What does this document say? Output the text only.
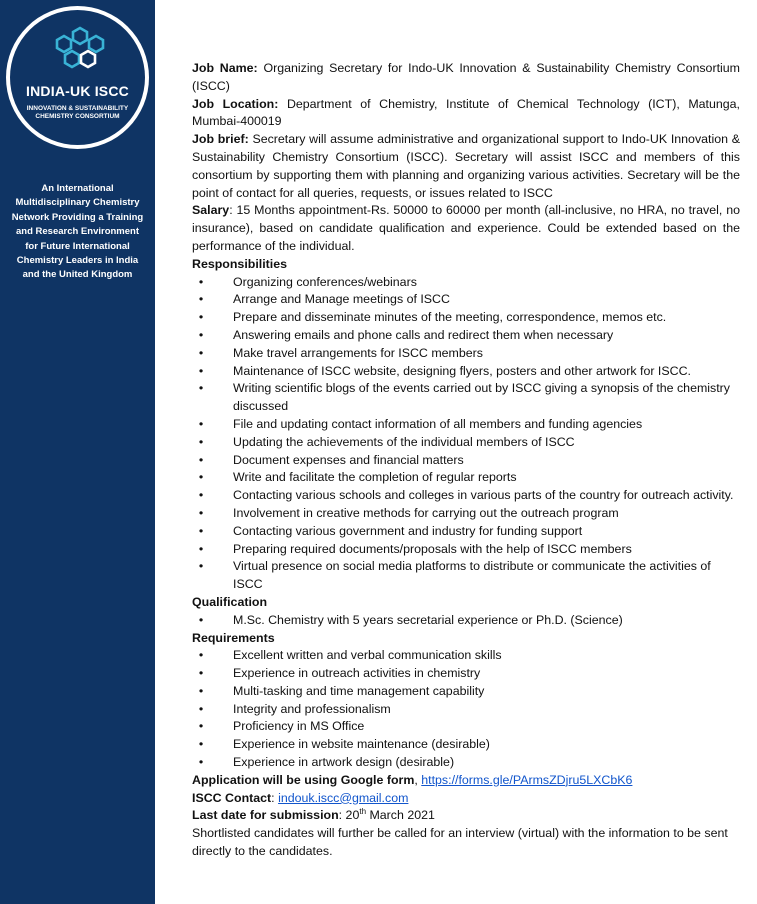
INDIA-UK ISCC
INNOVATION & SUSTAINABILITY
CHEMISTRY CONSORTIUM
An International
Multidisciplinary Chemistry
Network Providing a Training
and Research Environment
for Future International
Chemistry Leaders in India
and the United Kingdom
Job Name: Organizing Secretary for Indo-UK Innovation & Sustainability Chemistry Consortium (ISCC)
Job Location: Department of Chemistry, Institute of Chemical Technology (ICT), Matunga, Mumbai-400019
Job brief: Secretary will assume administrative and organizational support to Indo-UK Innovation & Sustainability Chemistry Consortium (ISCC). Secretary will assist ISCC and members of this consortium by supporting them with planning and organizing various activities. Secretary will be the point of contact for all queries, requests, or issues related to ISCC
Salary: 15 Months appointment-Rs. 50000 to 60000 per month (all-inclusive, no HRA, no travel, no insurance), based on candidate qualification and experience. Could be extended based on the performance of the individual.
Responsibilities
•	Organizing conferences/webinars
•	Arrange and Manage meetings of ISCC
•	Prepare and disseminate minutes of the meeting, correspondence, memos etc.
•	Answering emails and phone calls and redirect them when necessary
•	Make travel arrangements for ISCC members
•	Maintenance of ISCC website, designing flyers, posters and other artwork for ISCC.
•	Writing scientific blogs of the events carried out by ISCC giving a synopsis of the chemistry discussed
•	File and updating contact information of all members and funding agencies
•	Updating the achievements of the individual members of ISCC
•	Document expenses and financial matters
•	Write and facilitate the completion of regular reports
•	Contacting various schools and colleges in various parts of the country for outreach activity.
•	Involvement in creative methods for carrying out the outreach program
•	Contacting various government and industry for funding support
•	Preparing required documents/proposals with the help of ISCC members
•	Virtual presence on social media platforms to distribute or communicate the activities of ISCC
Qualification
•	M.Sc. Chemistry with 5 years secretarial experience or Ph.D. (Science)
Requirements
•	Excellent written and verbal communication skills
•	Experience in outreach activities in chemistry
•	Multi-tasking and time management capability
•	Integrity and professionalism
•	Proficiency in MS Office
•	Experience in website maintenance (desirable)
•	Experience in artwork design (desirable)
Application will be using Google form, https://forms.gle/PArmsZDjru5LXCbK6
ISCC Contact: indouk.iscc@gmail.com
Last date for submission: 20th March 2021
Shortlisted candidates will further be called for an interview (virtual) with the information to be sent directly to the candidates.
